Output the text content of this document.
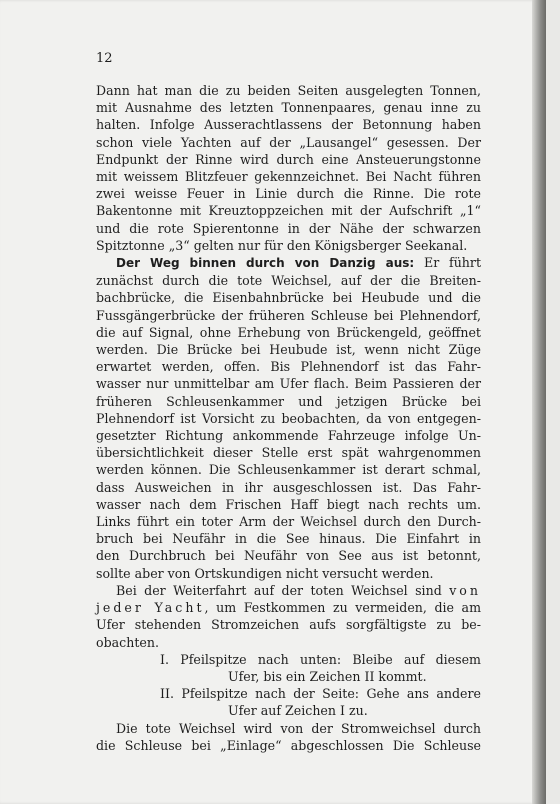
12
Dann hat man die zu beiden Seiten ausgelegten Tonnen,
mit Ausnahme des letzten Tonnenpaares, genau inne zu
halten. Infolge Ausserachtlassens der Betonnung haben
schon viele Yachten auf der „Lausangel“ gesessen. Der
Endpunkt der Rinne wird durch eine Ansteuerungstonne
mit weissem Blitzfeuer gekennzeichnet. Bei Nacht führen
zwei weisse Feuer in Linie durch die Rinne. Die rote
Bakentonne mit Kreuztoppzeichen mit der Aufschrift „1“
und die rote Spierentonne in der Nähe der schwarzen
Spitztonne „3“ gelten nur für den Königsberger Seekanal.
Der Weg binnen durch von Danzig aus: Er führt
zunächst durch die tote Weichsel, auf der die Breiten-
bachbrücke, die Eisenbahnbrücke bei Heubude und die
Fussgängerbrücke der früheren Schleuse bei Plehnendorf,
die auf Signal, ohne Erhebung von Brückengeld, geöffnet
werden. Die Brücke bei Heubude ist, wenn nicht Züge
erwartet werden, offen. Bis Plehnendorf ist das Fahr-
wasser nur unmittelbar am Ufer flach. Beim Passieren der
früheren Schleusenkammer und jetzigen Brücke bei
Plehnendorf ist Vorsicht zu beobachten, da von entgegen-
gesetzter Richtung ankommende Fahrzeuge infolge Un-
übersichtlichkeit dieser Stelle erst spät wahrgenommen
werden können. Die Schleusenkammer ist derart schmal,
dass Ausweichen in ihr ausgeschlossen ist. Das Fahr-
wasser nach dem Frischen Haff biegt nach rechts um.
Links führt ein toter Arm der Weichsel durch den Durch-
bruch bei Neufähr in die See hinaus. Die Einfahrt in
den Durchbruch bei Neufähr von See aus ist betonnt,
sollte aber von Ortskundigen nicht versucht werden.
Bei der Weiterfahrt auf der toten Weichsel sind von
jeder Yacht, um Festkommen zu vermeiden, die am
Ufer stehenden Stromzeichen aufs sorgfältigste zu be-
obachten.
I. Pfeilspitze nach unten: Bleibe auf diesem
Ufer, bis ein Zeichen II kommt.
II. Pfeilspitze nach der Seite: Gehe ans andere
Ufer auf Zeichen I zu.
Die tote Weichsel wird von der Stromweichsel durch
die Schleuse bei „Einlage“ abgeschlossen Die Schleuse
